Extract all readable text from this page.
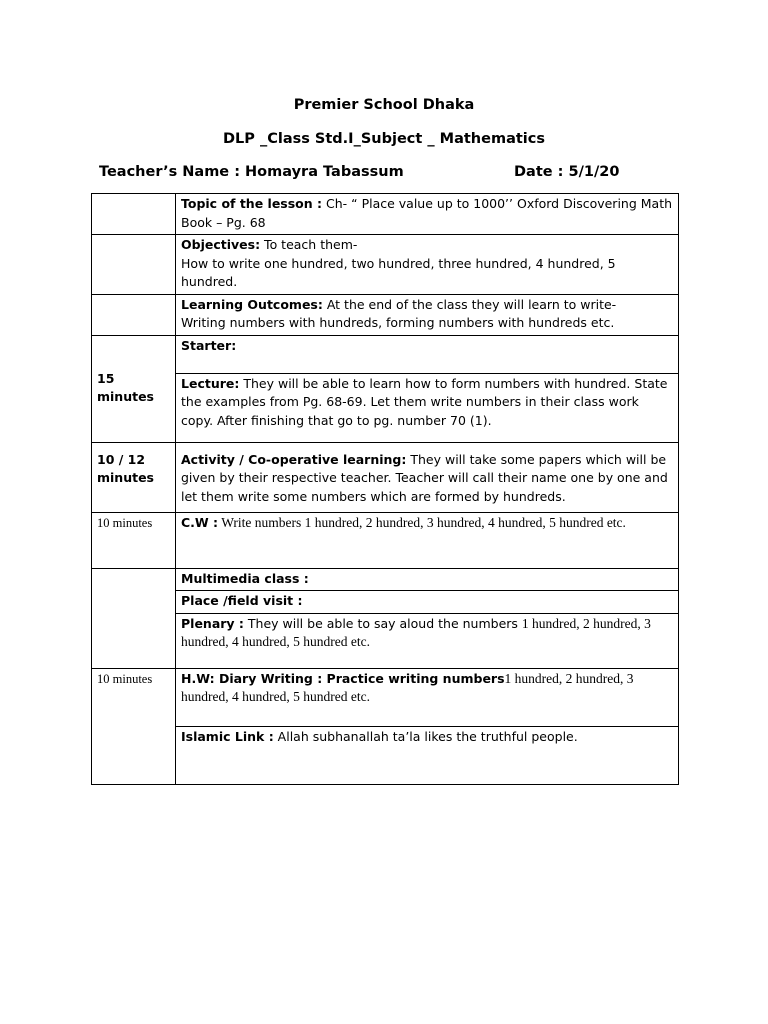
Premier School Dhaka
DLP _Class Std.I_Subject _ Mathematics
Teacher’s Name : Homayra Tabassum	Date : 5/1/20
	Topic of the lesson : Ch- “ Place value up to 1000’’ Oxford Discovering Math Book – Pg. 68
	Objectives: To teach them-
How to write one hundred, two hundred, three hundred, 4 hundred, 5 hundred.
	Learning Outcomes: At the end of the class they will learn to write-
Writing numbers with hundreds, forming numbers with hundreds etc.
15 minutes	Starter:
	Lecture: They will be able to learn how to form numbers with hundred. State the examples from Pg. 68-69. Let them write numbers in their class work copy. After finishing that go to pg. number 70 (1).
10 / 12 minutes	Activity / Co-operative learning: They will take some papers which will be given by their respective teacher. Teacher will call their name one by one and let them write some numbers which are formed by hundreds.
10 minutes	C.W : Write numbers 1 hundred, 2 hundred, 3 hundred, 4 hundred, 5 hundred etc.
	Multimedia class :
	Place /field visit :
	Plenary : They will be able to say aloud the numbers 1 hundred, 2 hundred, 3 hundred, 4 hundred, 5 hundred etc.
10 minutes	H.W: Diary Writing : Practice writing numbers1 hundred, 2 hundred, 3 hundred, 4 hundred, 5 hundred etc.
	Islamic Link : Allah subhanallah ta’la likes the truthful people.
